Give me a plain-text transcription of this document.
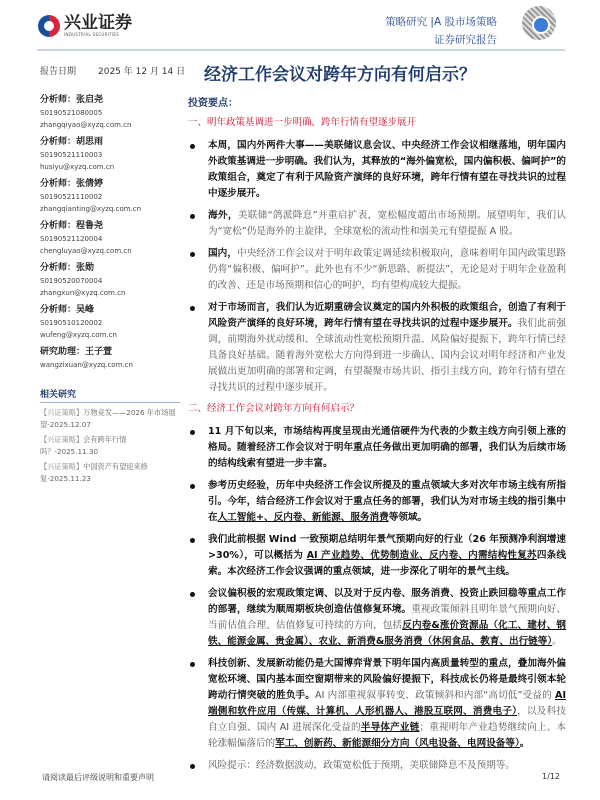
兴业证券
INDUSTRIAL SECURITIES
策略研究 |A 股市场策略
证券研究报告
报告日期 2025 年 12 月 14 日 经济工作会议对跨年方向有何启示？
分析师：张启尧
S0190521080005
zhangqiyao@xyzq.com.cn
分析师：胡思雨
S0190521110003
husiyu@xyzq.com.cn
分析师：张倩婷
S0190521110002
zhangqianting@xyzq.com.cn
分析师：程鲁尧
S0190521120004
chengluyao@xyzq.com.cn
分析师：张勋
S0190520070004
zhangxun@xyzq.com.cn
分析师：吴峰
S0190510120002
wufeng@xyzq.com.cn
研究助理：王子萱
wangzixuan@xyzq.com.cn
相关研究
【兴证策略】万物竞发——2026 年市场展望-2025.12.07
【兴证策略】会有跨年行情吗？-2025.11.30
【兴证策略】中国资产有望迎来修复-2025.11.23
投资要点：
一、明年政策基调进一步明确，跨年行情有望逐步展开
本周，国内外两件大事——美联储议息会议、中央经济工作会议相继落地，明年国内外政策基调进一步明确。我们认为，其释放的“海外偏宽松，国内偏积极、偏呵护”的政策组合，奠定了有利于风险资产演绎的良好环境，跨年行情有望在寻找共识的过程中逐步展开。
海外，美联储“鸽派降息”并重启扩表，宽松幅度超出市场预期。展望明年，我们认为“宽松”仍是海外的主旋律，全球宽松的流动性和弱美元有望提振 A 股。
国内，中央经济工作会议对于明年政策定调延续积极取向，意味着明年国内政策思路仍将“偏积极、偏呵护”。此外也有不少“新思路、新提法”，无论是对于明年企业盈利的改善、还是市场预期和信心的呵护，均有望构成较大提振。
对于市场而言，我们认为近期重磅会议奠定的国内外积极的政策组合，创造了有利于风险资产演绎的良好环境，跨年行情有望在寻找共识的过程中逐步展开。我们此前强调，前期海外扰动缓和、全球流动性宽松预期升温、风险偏好提振下，跨年行情已经具备良好基础。随着海外宽松大方向得到进一步确认、国内会议对明年经济和产业发展做出更加明确的部署和定调，有望凝聚市场共识、指引主线方向，跨年行情有望在寻找共识的过程中逐步展开。
二、经济工作会议对跨年方向有何启示？
11 月下旬以来，市场结构再度呈现由光通信硬件为代表的少数主线方向引领上涨的格局。随着经济工作会议对于明年重点任务做出更加明确的部署，我们认为后续市场的结构线索有望进一步丰富。
参考历史经验，历年中央经济工作会议所提及的重点领域大多对次年市场主线有所指引。今年，结合经济工作会议对于重点任务的部署，我们认为对市场主线的指引集中在人工智能+、反内卷、新能源、服务消费等领域。
我们此前根据 Wind 一致预期总结明年景气预期向好的行业（26 年预测净利润增速>30%），可以概括为 AI 产业趋势、优势制造业、反内卷、内需结构性复苏四条线索。本次经济工作会议强调的重点领域，进一步深化了明年的景气主线。
会议偏积极的宏观政策定调、以及对于反内卷、服务消费、投资止跌回稳等重点工作的部署，继续为顺周期板块创造估值修复环境。重视政策倾斜且明年景气预期向好、当前估值合理、估值修复可持续的方向，包括反内卷&涨价资源品（化工、建材、钢铁、能源金属、贵金属）、农业、新消费&服务消费（休闲食品、教育、出行链等）。
科技创新、发展新动能仍是大国博弈背景下明年国内高质量转型的重点，叠加海外偏宽松环境、国内基本面空窗期带来的风险偏好提振下，科技成长仍将是最终引领本轮跨动行情突破的胜负手。AI 内部重视叙事转变、政策倾斜和内部“高切低”受益的 AI 端侧和软件应用（传媒、计算机、人形机器人、港股互联网、消费电子），以及科技自立自强、国内 AI 进展深化受益的半导体产业链；重视明年产业趋势继续向上、本轮涨幅偏落后的军工、创新药、新能源细分方向（风电设备、电网设备等）。
风险提示：经济数据波动，政策宽松低于预期，美联储降息不及预期等。
请阅读最后评级说明和重要声明	1/12
